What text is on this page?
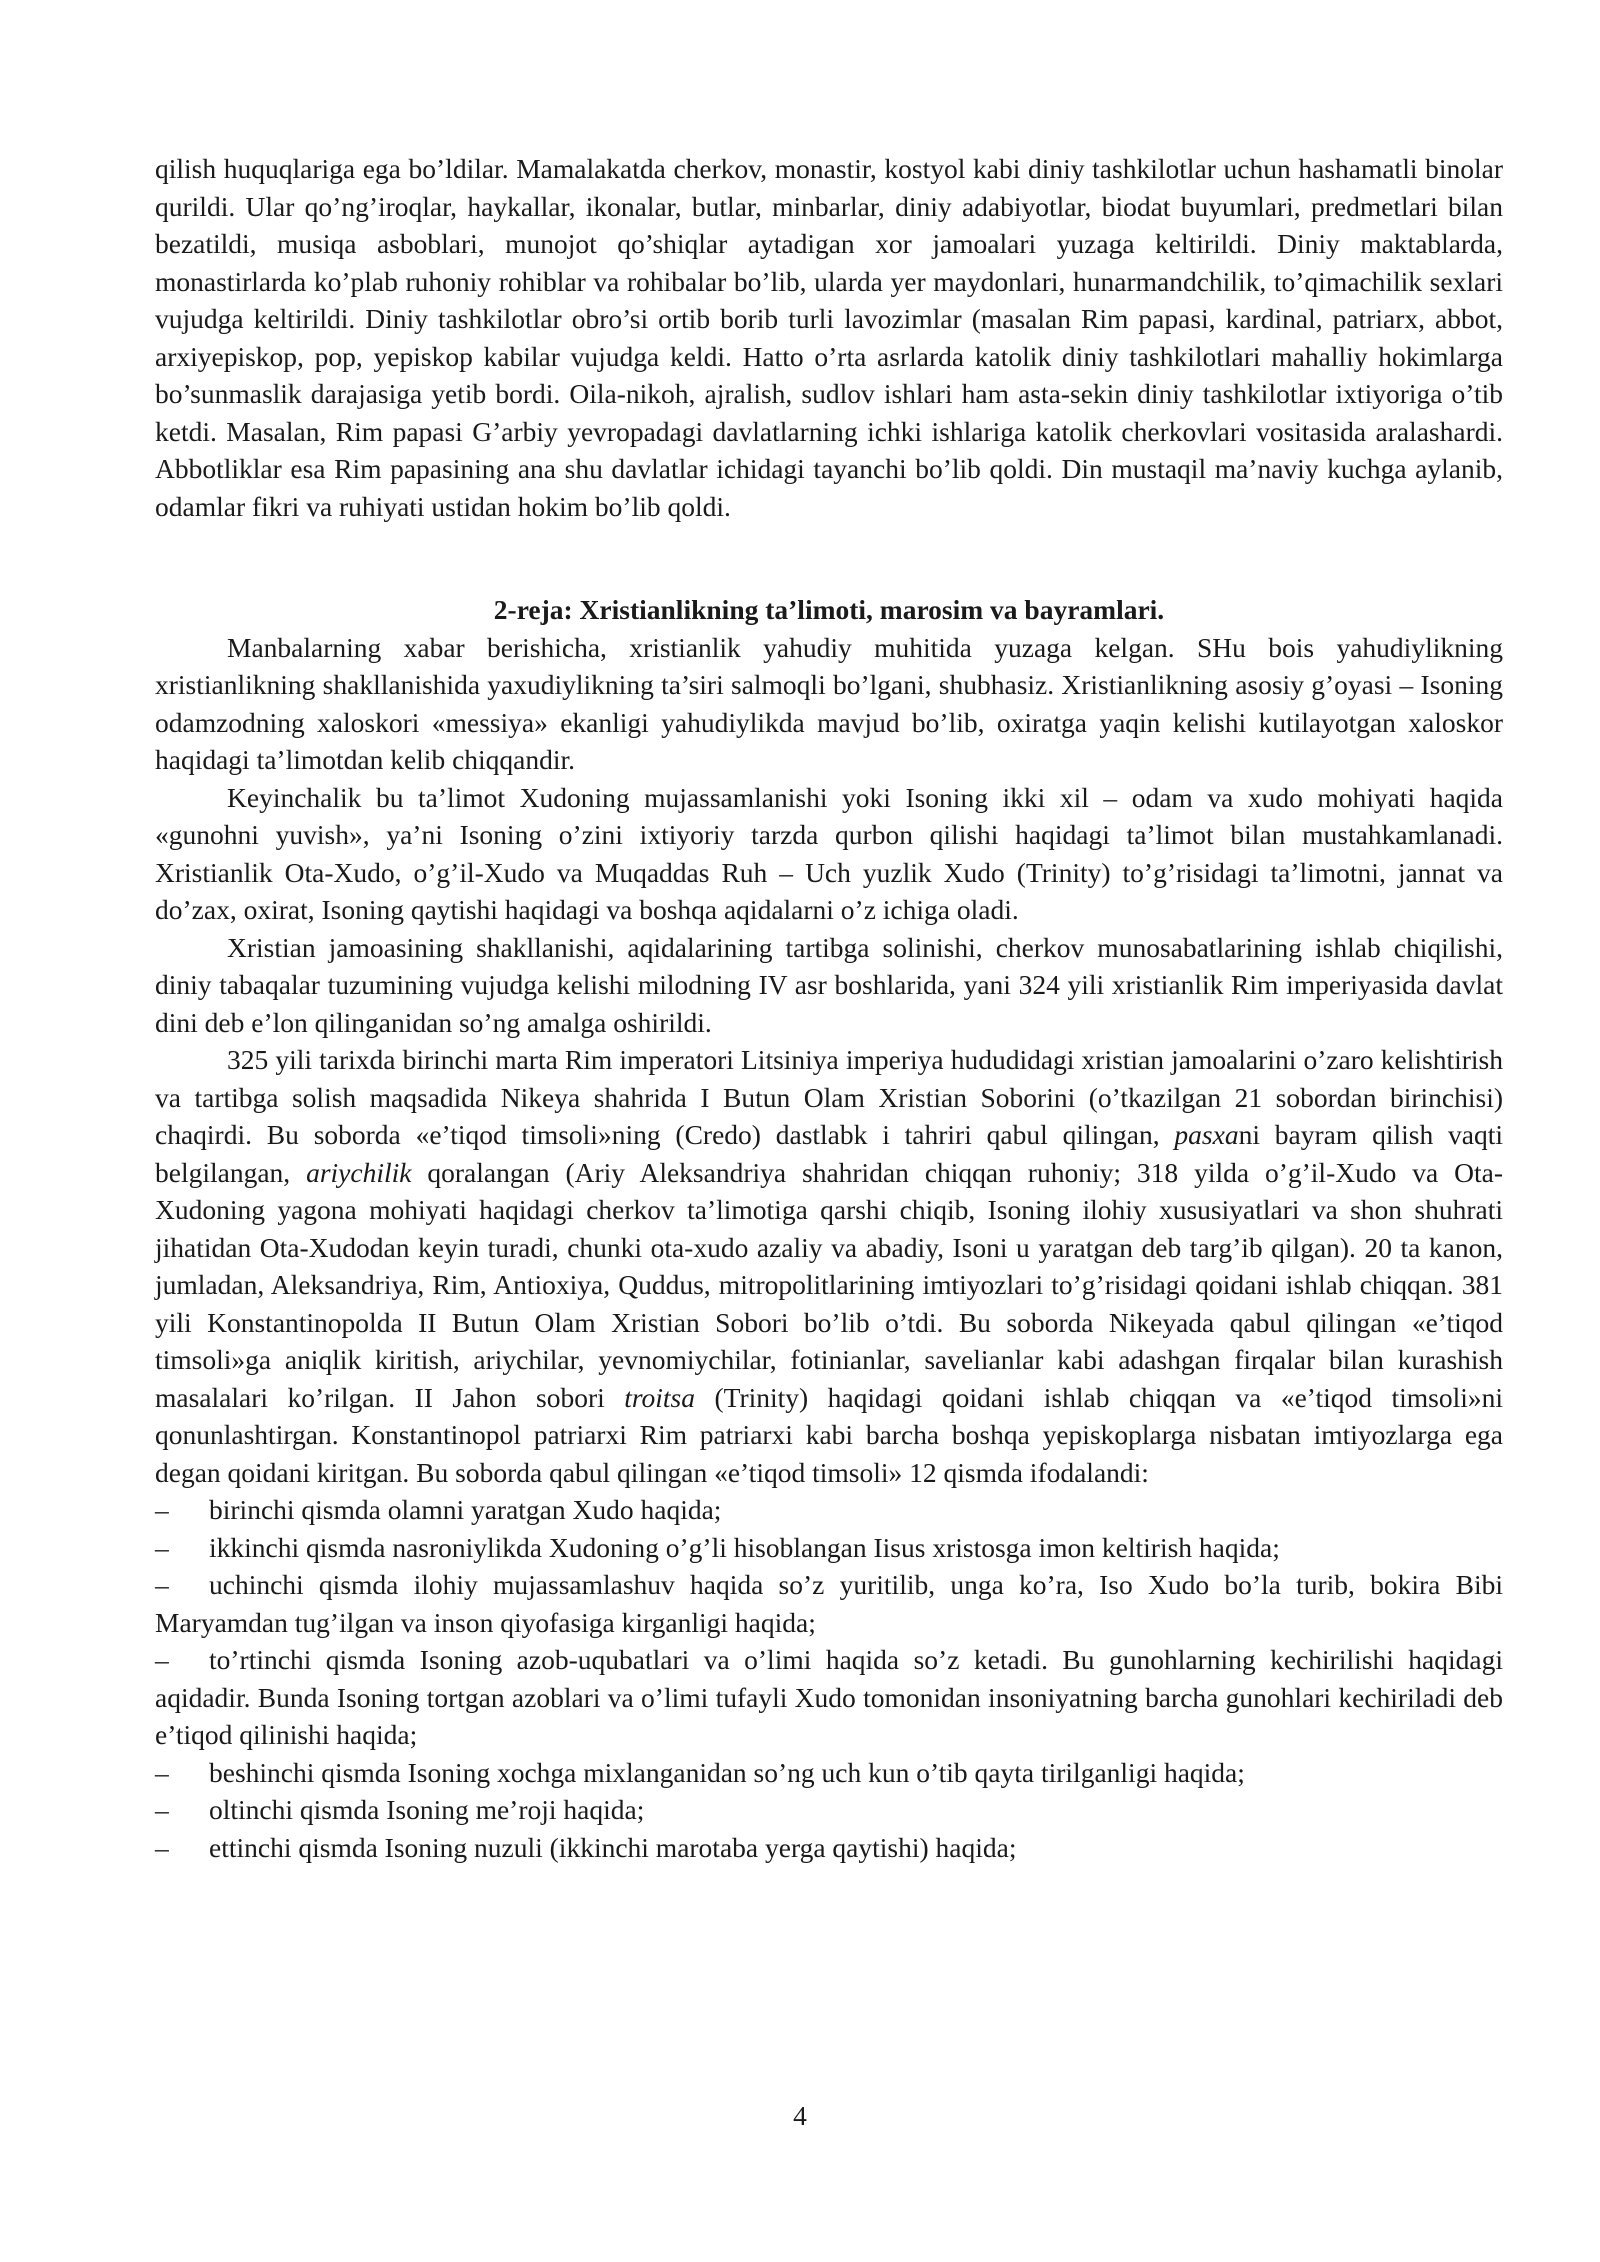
qilish huquqlariga ega bo’ldilar. Mamalakatda cherkov, monastir, kostyol kabi diniy tashkilotlar uchun hashamatli binolar qurildi. Ular qo’ng’iroqlar, haykallar, ikonalar, butlar, minbarlar, diniy adabiyotlar, biodat buyumlari, predmetlari bilan bezatildi, musiqa asboblari, munojot qo’shiqlar aytadigan xor jamoalari yuzaga keltirildi. Diniy maktablarda, monastirlarda ko’plab ruhoniy rohiblar va rohibalar bo’lib, ularda yer maydonlari, hunarmandchilik, to’qimachilik sexlari vujudga keltirildi. Diniy tashkilotlar obro’si ortib borib turli lavozimlar (masalan Rim papasi, kardinal, patriarx, abbot, arxiyepiskop, pop, yepiskop kabilar vujudga keldi. Hatto o’rta asrlarda katolik diniy tashkilotlari mahalliy hokimlarga bo’sunmaslik darajasiga yetib bordi. Oila-nikoh, ajralish, sudlov ishlari ham asta-sekin diniy tashkilotlar ixtiyoriga o’tib ketdi. Masalan, Rim papasi G’arbiy yevropadagi davlatlarning ichki ishlariga katolik cherkovlari vositasida aralashardi. Abbotliklar esa Rim papasining ana shu davlatlar ichidagi tayanchi bo’lib qoldi. Din mustaqil ma’naviy kuchga aylanib, odamlar fikri va ruhiyati ustidan hokim bo’lib qoldi.

2-reja: Xristianlikning ta’limoti, marosim va bayramlari.

Manbalarning xabar berishicha, xristianlik yahudiy muhitida yuzaga kelgan. SHu bois yahudiylikning xristianlikning shakllanishida yaxudiylikning ta’siri salmoqli bo’lgani, shubhasiz. Xristianlikning asosiy g’oyasi – Isoning odamzodning xaloskori «messiya» ekanligi yahudiylikda mavjud bo’lib, oxiratga yaqin kelishi kutilayotgan xaloskor haqidagi ta’limotdan kelib chiqqandir.

Keyinchalik bu ta’limot Xudoning mujassamlanishi yoki Isoning ikki xil – odam va xudo mohiyati haqida «gunohni yuvish», ya’ni Isoning o’zini ixtiyoriy tarzda qurbon qilishi haqidagi ta’limot bilan mustahkamlanadi. Xristianlik Ota-Xudo, o’g’il-Xudo va Muqaddas Ruh – Uch yuzlik Xudo (Trinity) to’g’risidagi ta’limotni, jannat va do’zax, oxirat, Isoning qaytishi haqidagi va boshqa aqidalarni o’z ichiga oladi.

Xristian jamoasining shakllanishi, aqidalarining tartibga solinishi, cherkov munosabatlarining ishlab chiqilishi, diniy tabaqalar tuzumining vujudga kelishi milodning IV asr boshlarida, yani 324 yili xristianlik Rim imperiyasida davlat dini deb e’lon qilinganidan so’ng amalga oshirildi.

325 yili tarixda birinchi marta Rim imperatori Litsiniya imperiya hududidagi xristian jamoalarini o’zaro kelishtirish va tartibga solish maqsadida Nikeya shahrida I Butun Olam Xristian Soborini (o’tkazilgan 21 sobordan birinchisi) chaqirdi. Bu soborda «e’tiqod timsoli»ning (Credo) dastlabk i tahriri qabul qilingan, pasxani bayram qilish vaqti belgilangan, ariychilik qoralangan (Ariy Aleksandriya shahridan chiqqan ruhoniy; 318 yilda o’g’il-Xudo va Ota-Xudoning yagona mohiyati haqidagi cherkov ta’limotiga qarshi chiqib, Isoning ilohiy xususiyatlari va shon shuhrati jihatidan Ota-Xudodan keyin turadi, chunki ota-xudo azaliy va abadiy, Isoni u yaratgan deb targ’ib qilgan). 20 ta kanon, jumladan, Aleksandriya, Rim, Antioxiya, Quddus, mitropolitlarining imtiyozlari to’g’risidagi qoidani ishlab chiqqan. 381 yili Konstantinopolda II Butun Olam Xristian Sobori bo’lib o’tdi. Bu soborda Nikeyada qabul qilingan «e’tiqod timsoli»ga aniqlik kiritish, ariychilar, yevnomiychilar, fotinianlar, savelianlar kabi adashgan firqalar bilan kurashish masalalari ko’rilgan. II Jahon sobori troitsa (Trinity) haqidagi qoidani ishlab chiqqan va «e’tiqod timsoli»ni qonunlashtirgan. Konstantinopol patriarxi Rim patriarxi kabi barcha boshqa yepiskoplarga nisbatan imtiyozlarga ega degan qoidani kiritgan. Bu soborda qabul qilingan «e’tiqod timsoli» 12 qismda ifodalandi:

– birinchi qismda olamni yaratgan Xudo haqida;

– ikkinchi qismda nasroniylikda Xudoning o’g’li hisoblangan Iisus xristosga imon keltirish haqida;

– uchinchi qismda ilohiy mujassamlashuv haqida so’z yuritilib, unga ko’ra, Iso Xudo bo’la turib, bokira Bibi Maryamdan tug’ilgan va inson qiyofasiga kirganligi haqida;

– to’rtinchi qismda Isoning azob-uqubatlari va o’limi haqida so’z ketadi. Bu gunohlarning kechirilishi haqidagi aqidadir. Bunda Isoning tortgan azoblari va o’limi tufayli Xudo tomonidan insoniyatning barcha gunohlari kechiriladi deb e’tiqod qilinishi haqida;

– beshinchi qismda Isoning xochga mixlanganidan so’ng uch kun o’tib qayta tirilganligi haqida;

– oltinchi qismda Isoning me’roji haqida;

– ettinchi qismda Isoning nuzuli (ikkinchi marotaba yerga qaytishi) haqida;

4
